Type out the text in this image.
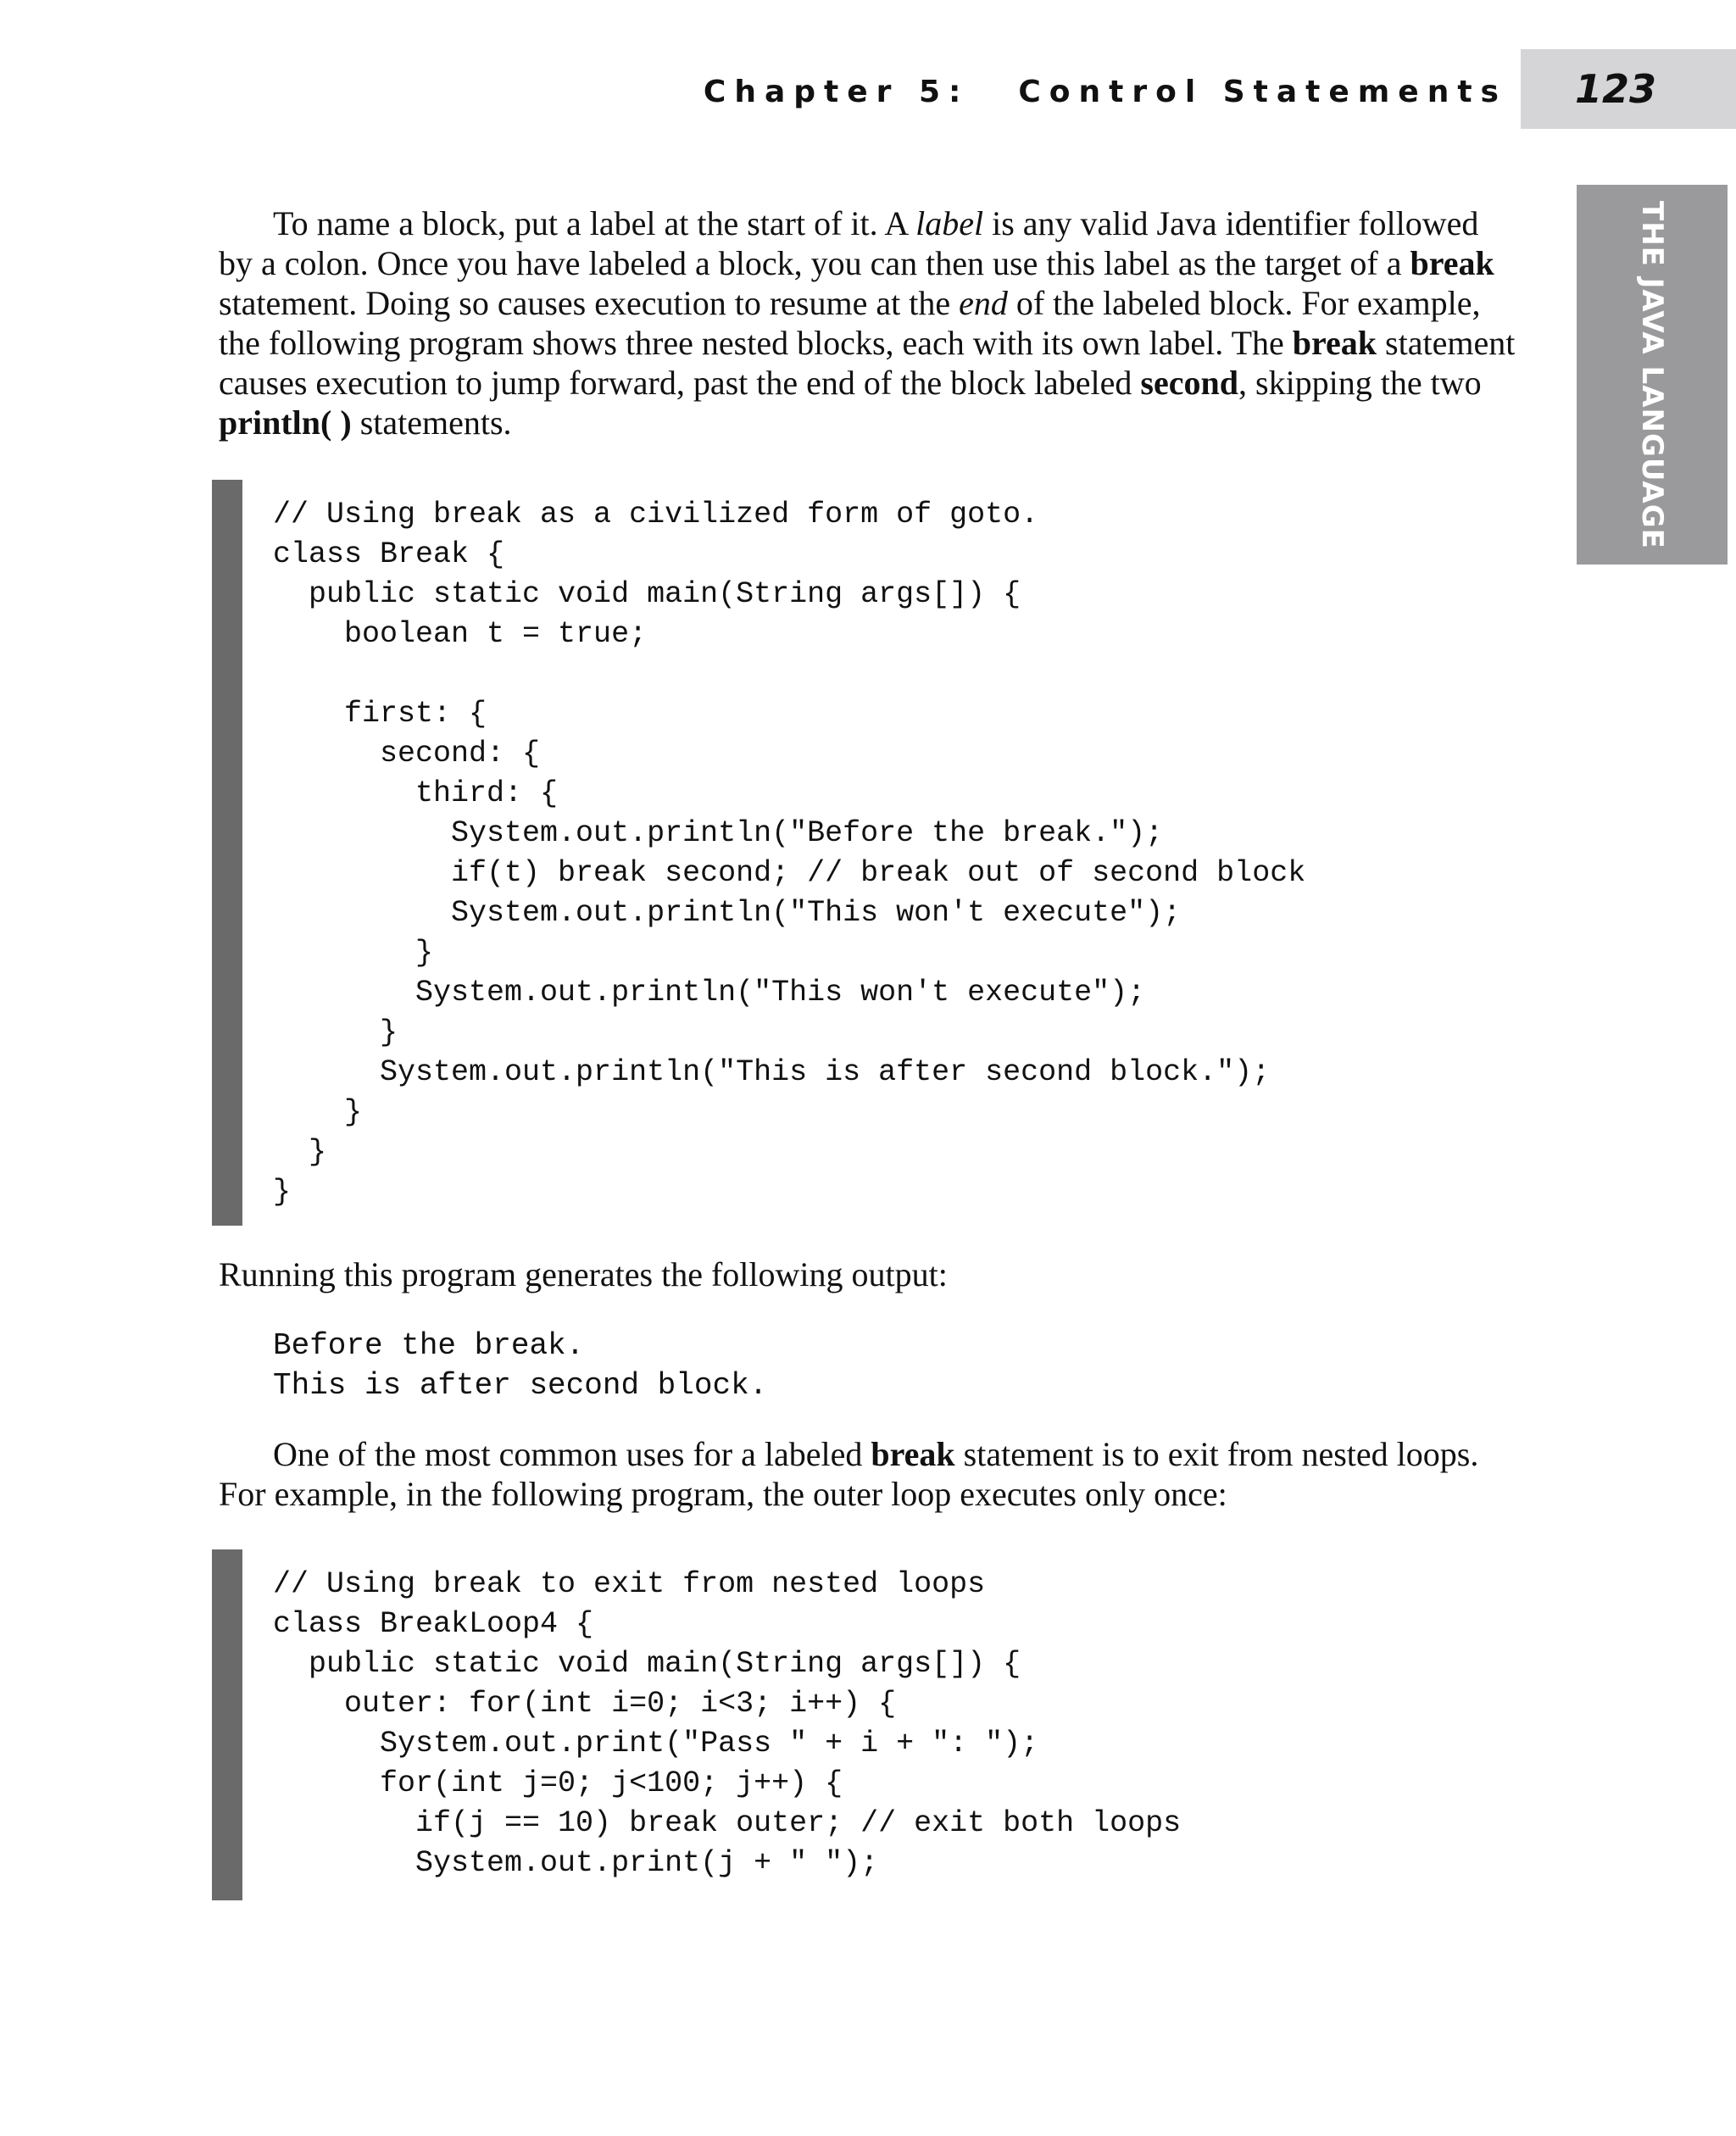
Chapter 5: Control Statements 123
THE JAVA LANGUAGE

To name a block, put a label at the start of it. A label is any valid Java identifier followed by a colon. Once you have labeled a block, you can then use this label as the target of a break statement. Doing so causes execution to resume at the end of the labeled block. For example, the following program shows three nested blocks, each with its own label. The break statement causes execution to jump forward, past the end of the block labeled second, skipping the two println( ) statements.

// Using break as a civilized form of goto.
class Break {
public static void main(String args[]) {
boolean t = true;

first: {
second: {
third: {
System.out.println("Before the break.");
if(t) break second; // break out of second block
System.out.println("This won't execute");
}
System.out.println("This won't execute");
}
System.out.println("This is after second block.");
}
}
}

Running this program generates the following output:

Before the break.
This is after second block.

One of the most common uses for a labeled break statement is to exit from nested loops. For example, in the following program, the outer loop executes only once:

// Using break to exit from nested loops
class BreakLoop4 {
public static void main(String args[]) {
outer: for(int i=0; i<3; i++) {
System.out.print("Pass " + i + ": ");
for(int j=0; j<100; j++) {
if(j == 10) break outer; // exit both loops
System.out.print(j + " ");
